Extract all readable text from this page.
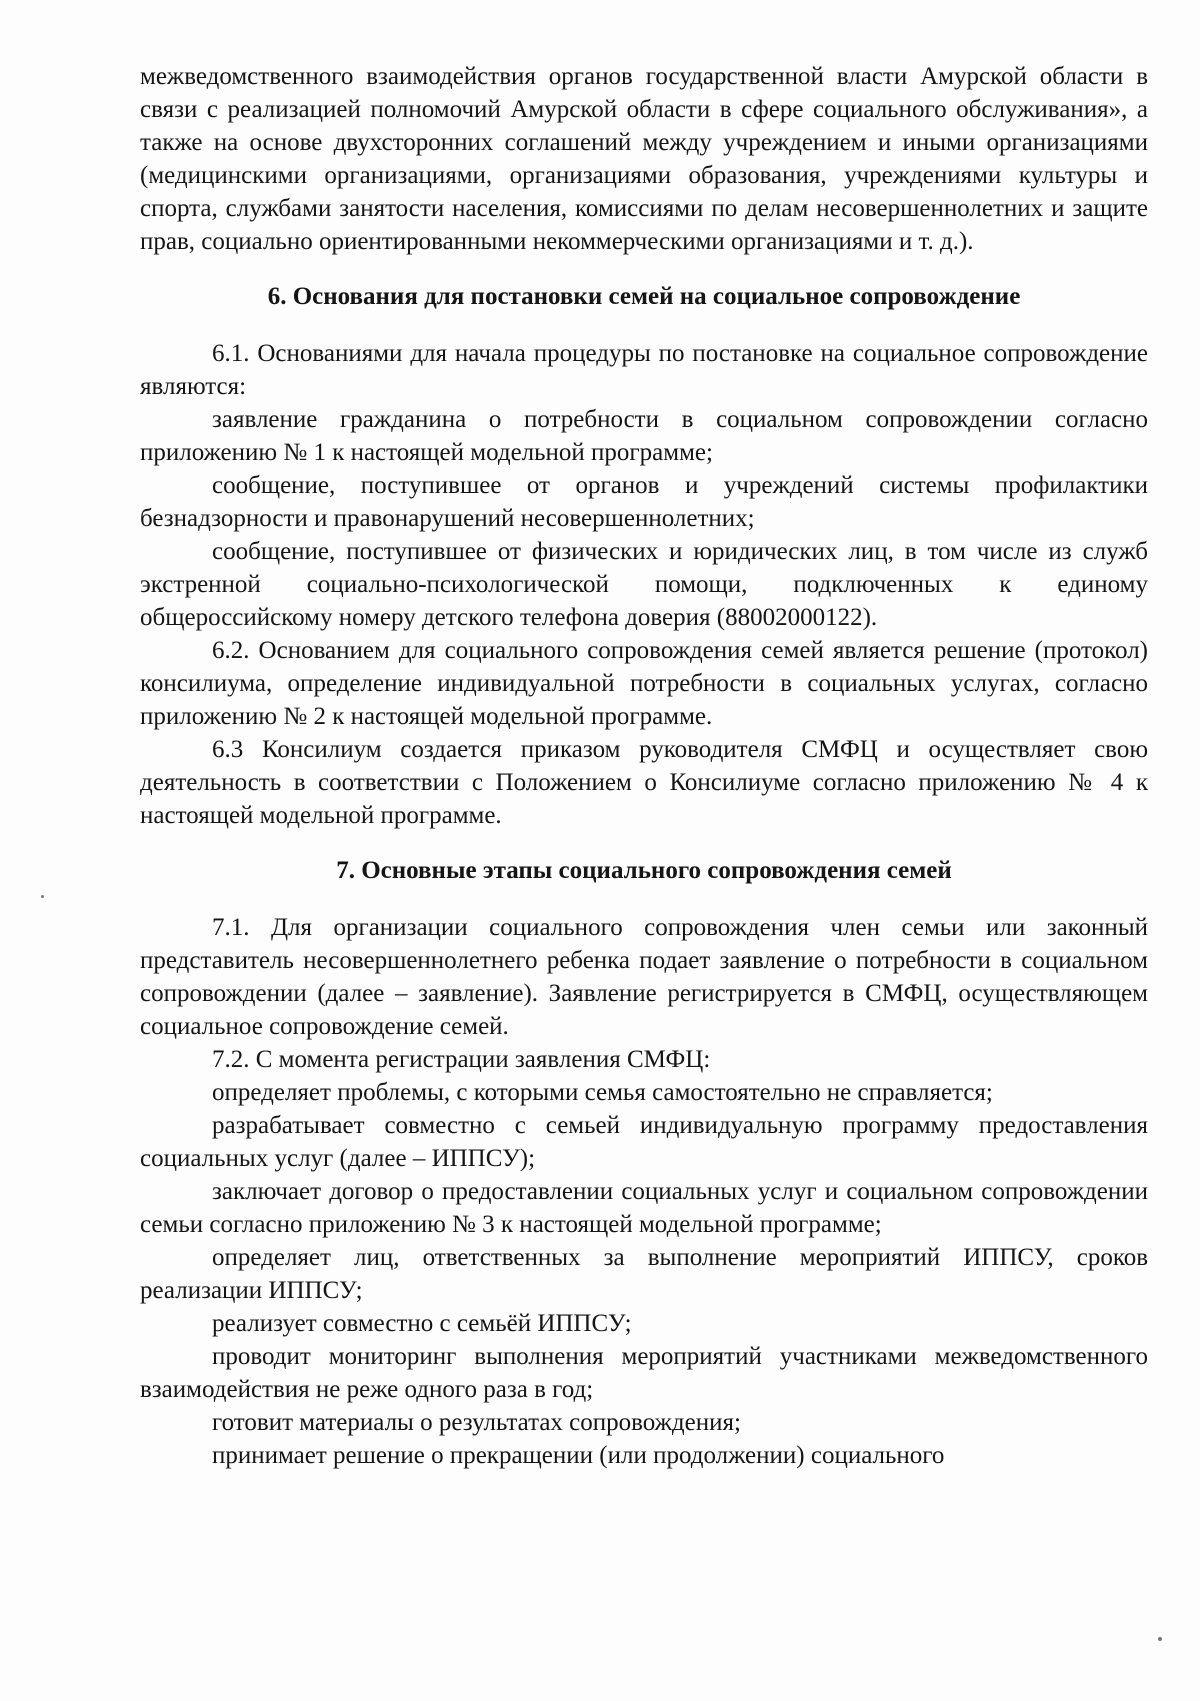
межведомственного взаимодействия органов государственной власти Амурской области в связи с реализацией полномочий Амурской области в сфере социального обслуживания», а также на основе двухсторонних соглашений между учреждением и иными организациями (медицинскими организациями, организациями образования, учреждениями культуры и спорта, службами занятости населения, комиссиями по делам несовершеннолетних и защите прав, социально ориентированными некоммерческими организациями и т. д.).

6. Основания для постановки семей на социальное сопровождение

6.1. Основаниями для начала процедуры по постановке на социальное сопровождение являются:

заявление гражданина о потребности в социальном сопровождении согласно приложению № 1 к настоящей модельной программе;

сообщение, поступившее от органов и учреждений системы профилактики безнадзорности и правонарушений несовершеннолетних;

сообщение, поступившее от физических и юридических лиц, в том числе из служб экстренной социально-психологической помощи, подключенных к единому общероссийскому номеру детского телефона доверия (88002000122).

6.2. Основанием для социального сопровождения семей является решение (протокол) консилиума, определение индивидуальной потребности в социальных услугах, согласно приложению № 2 к настоящей модельной программе.

6.3 Консилиум создается приказом руководителя СМФЦ и осуществляет свою деятельность в соответствии с Положением о Консилиуме согласно приложению № 4 к настоящей модельной программе.

7. Основные этапы социального сопровождения семей

7.1. Для организации социального сопровождения член семьи или законный представитель несовершеннолетнего ребенка подает заявление о потребности в социальном сопровождении (далее – заявление). Заявление регистрируется в СМФЦ, осуществляющем социальное сопровождение семей.

7.2. С момента регистрации заявления СМФЦ:

определяет проблемы, с которыми семья самостоятельно не справляется;

разрабатывает совместно с семьей индивидуальную программу предоставления социальных услуг (далее – ИППСУ);

заключает договор о предоставлении социальных услуг и социальном сопровождении семьи согласно приложению № 3 к настоящей модельной программе;

определяет лиц, ответственных за выполнение мероприятий ИППСУ, сроков реализации ИППСУ;

реализует совместно с семьёй ИППСУ;

проводит мониторинг выполнения мероприятий участниками межведомственного взаимодействия не реже одного раза в год;

готовит материалы о результатах сопровождения;

принимает решение о прекращении (или продолжении) социального
